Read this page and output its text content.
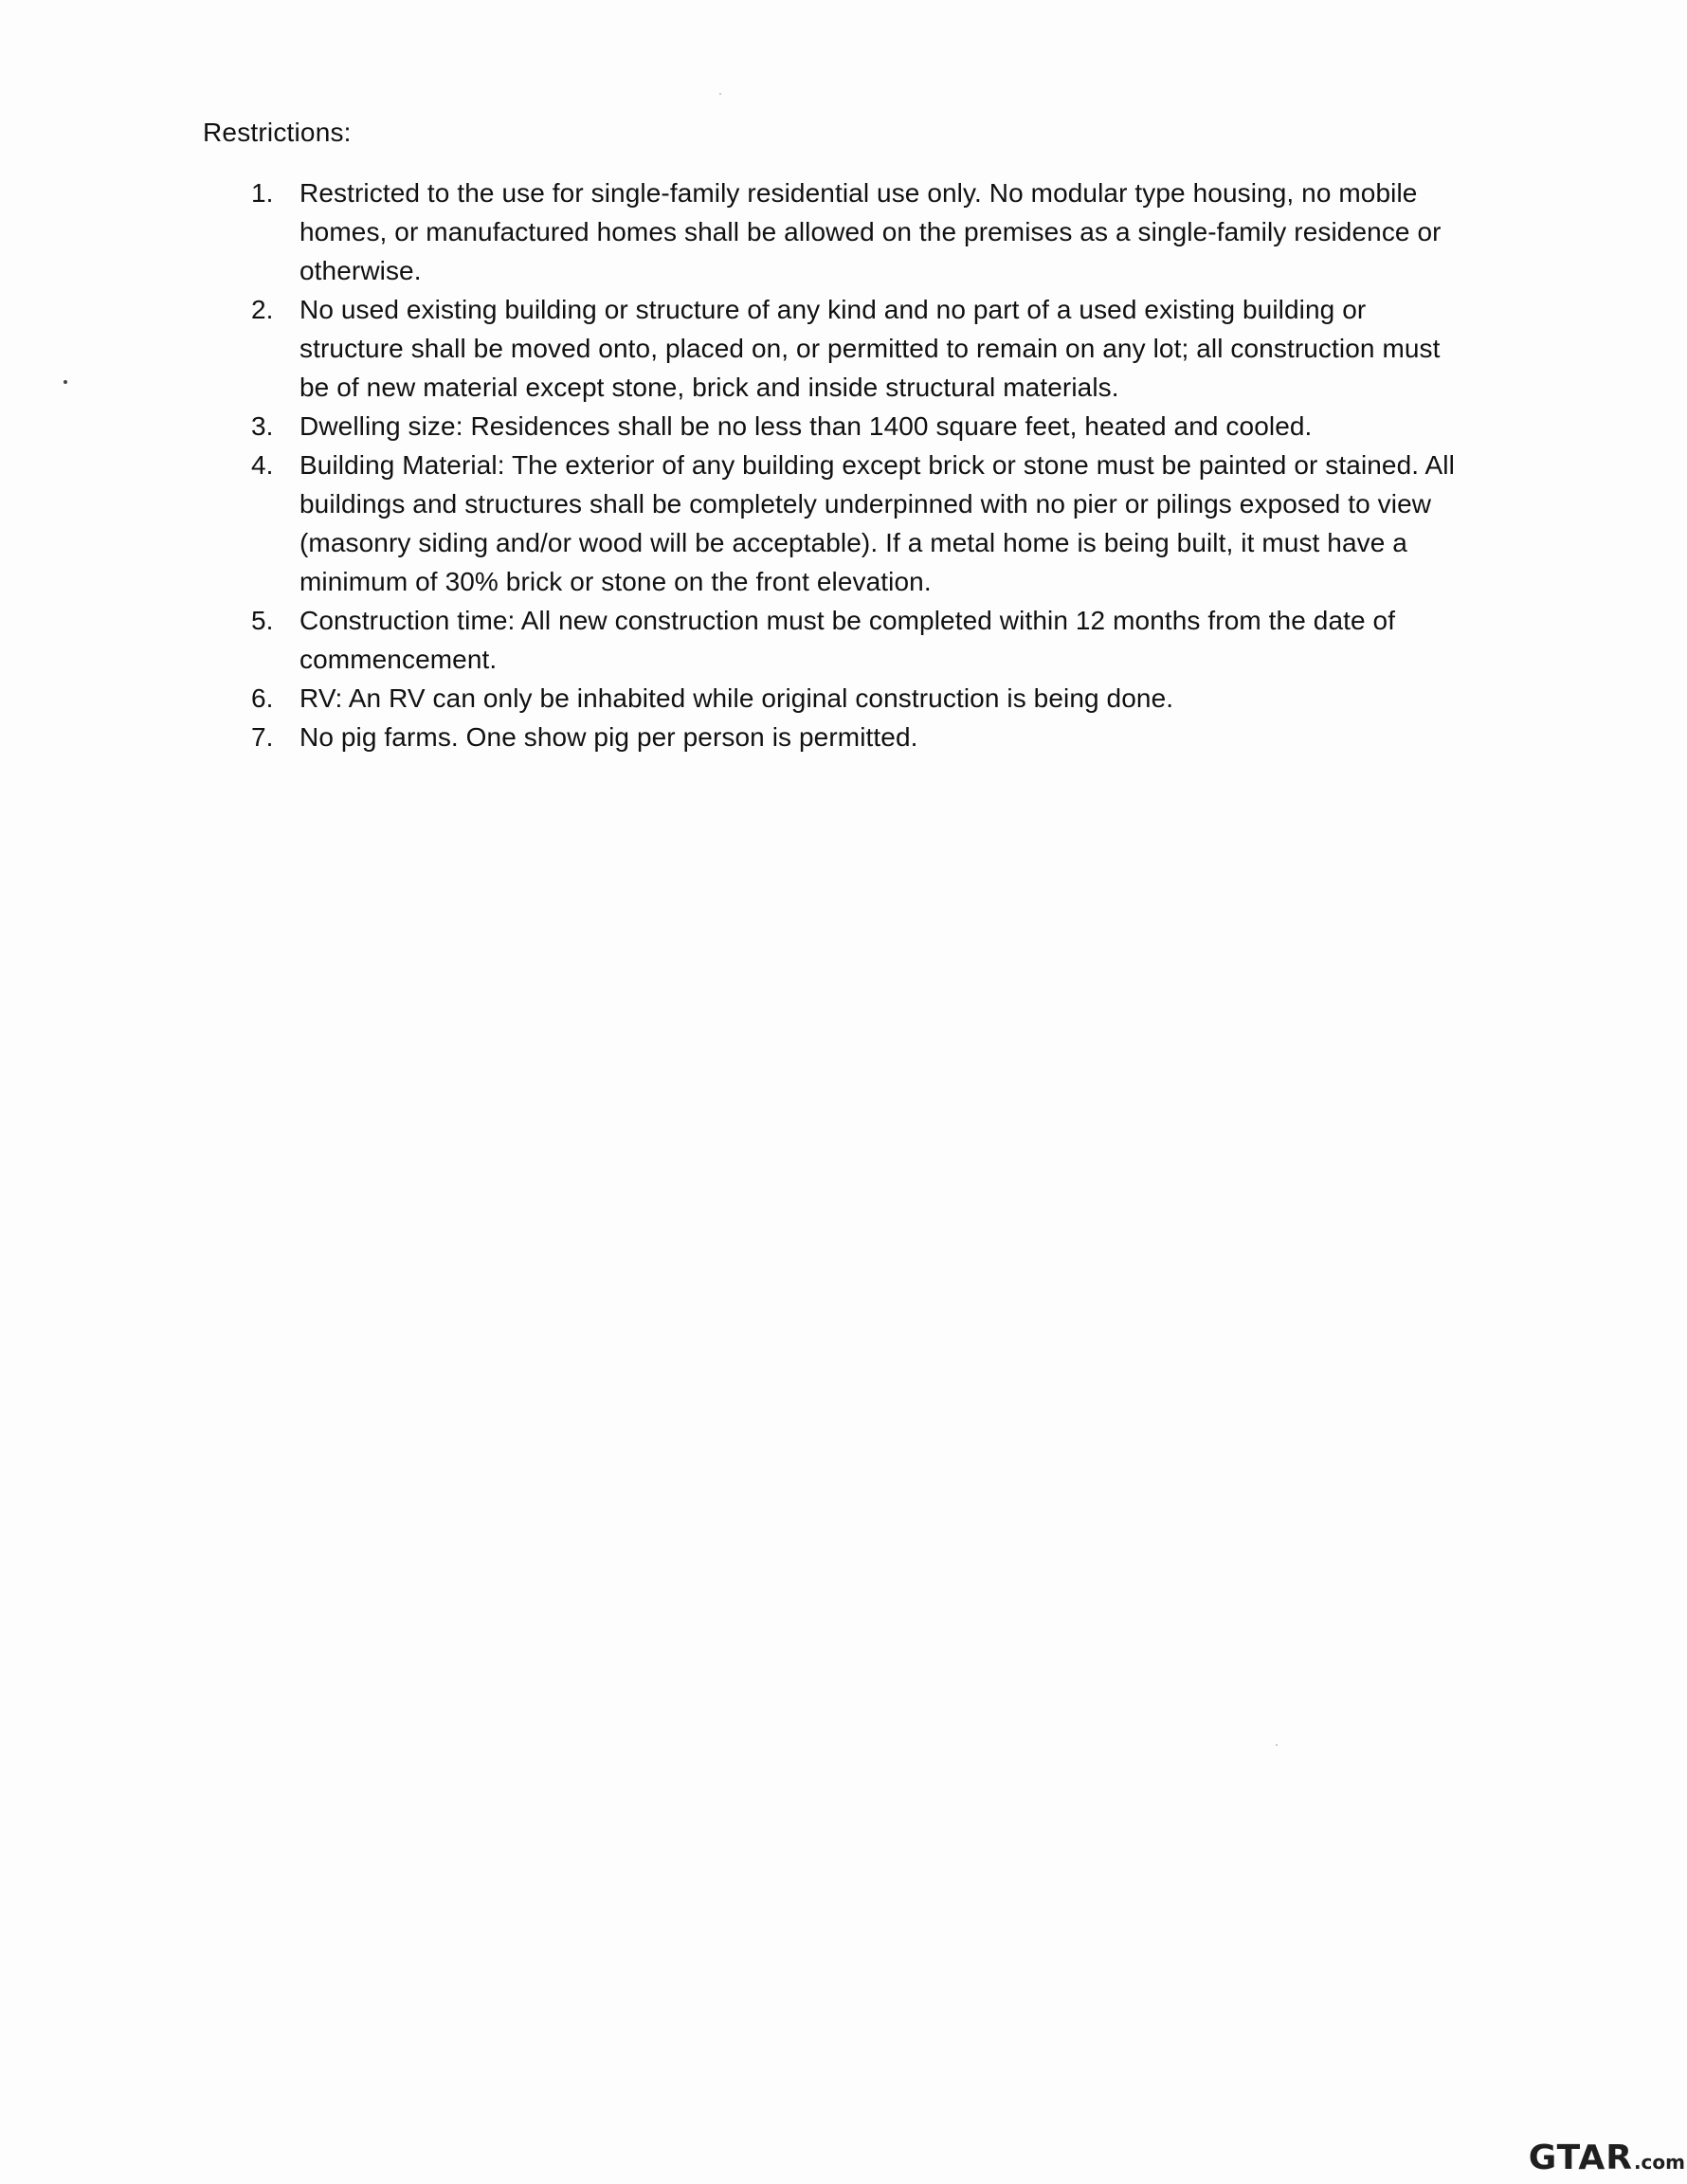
Restrictions:
1. Restricted to the use for single-family residential use only. No modular type housing, no mobile homes, or manufactured homes shall be allowed on the premises as a single-family residence or otherwise.
2. No used existing building or structure of any kind and no part of a used existing building or structure shall be moved onto, placed on, or permitted to remain on any lot; all construction must be of new material except stone, brick and inside structural materials.
3. Dwelling size: Residences shall be no less than 1400 square feet, heated and cooled.
4. Building Material: The exterior of any building except brick or stone must be painted or stained. All buildings and structures shall be completely underpinned with no pier or pilings exposed to view (masonry siding and/or wood will be acceptable). If a metal home is being built, it must have a minimum of 30% brick or stone on the front elevation.
5. Construction time: All new construction must be completed within 12 months from the date of commencement.
6. RV: An RV can only be inhabited while original construction is being done.
7. No pig farms. One show pig per person is permitted.
GTAR .com
